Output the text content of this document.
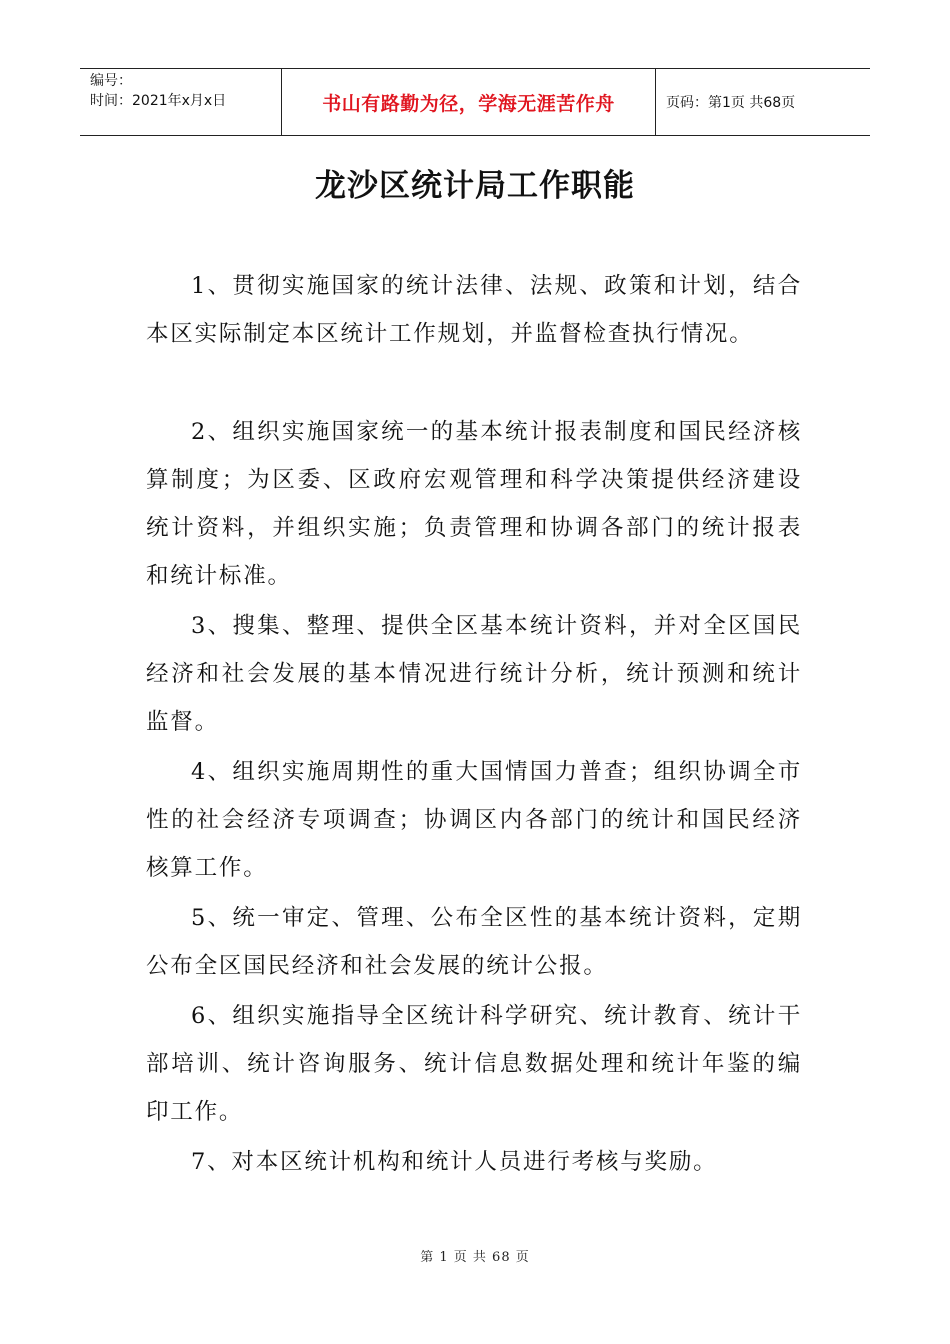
编号：
时间：2021年x月x日	书山有路勤为径，学海无涯苦作舟	页码：第1页 共68页
龙沙区统计局工作职能

1、贯彻实施国家的统计法律、法规、政策和计划，结合本区实际制定本区统计工作规划，并监督检查执行情况。

2、组织实施国家统一的基本统计报表制度和国民经济核算制度；为区委、区政府宏观管理和科学决策提供经济建设统计资料，并组织实施；负责管理和协调各部门的统计报表和统计标准。

3、搜集、整理、提供全区基本统计资料，并对全区国民经济和社会发展的基本情况进行统计分析，统计预测和统计监督。

4、组织实施周期性的重大国情国力普查；组织协调全市性的社会经济专项调查；协调区内各部门的统计和国民经济核算工作。

5、统一审定、管理、公布全区性的基本统计资料，定期公布全区国民经济和社会发展的统计公报。

6、组织实施指导全区统计科学研究、统计教育、统计干部培训、统计咨询服务、统计信息数据处理和统计年鉴的编印工作。

7、对本区统计机构和统计人员进行考核与奖励。

第 1 页 共 68 页
